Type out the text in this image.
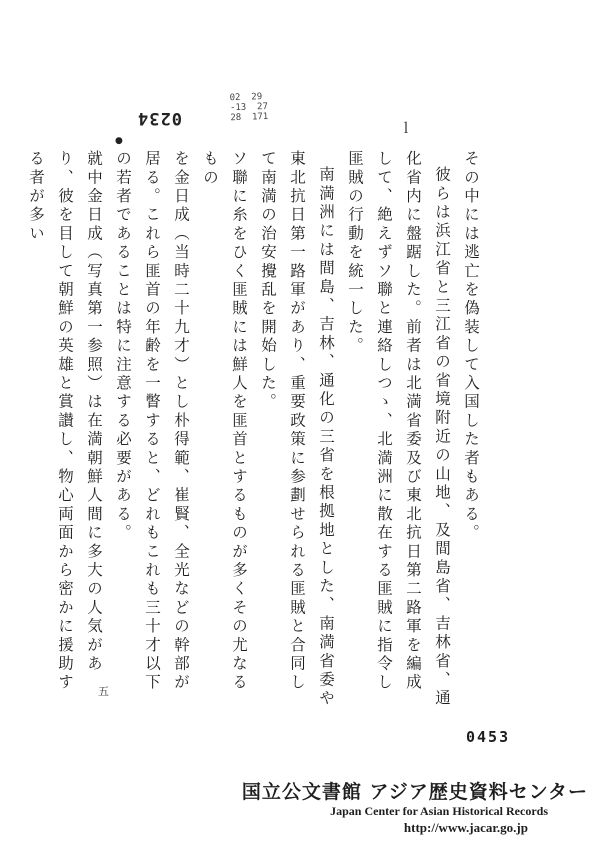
0234
02  29
-13  27
28  171
ｌ
●

その中には逃亡を偽装して入国した者もある。

彼らは浜江省と三江省の省境附近の山地、及間島省、吉林省、通化省内に盤踞した。前者は北満省委及び東北抗日第二路軍を編成して、絶えずソ聯と連絡しつゝ、北満洲に散在する匪賊に指令し匪賊の行動を統一した。

南満洲には間島、吉林、通化の三省を根拠地とした、南満省委や東北抗日第一路軍があり、重要政策に参劃せられる匪賊と合同して南満の治安攪乱を開始した。

ソ聯に糸をひく匪賊には鮮人を匪首とするものが多くその尤なるもの

を金日成（当時二十九才）とし朴得範、崔賢、全光などの幹部が居る。これら匪首の年齢を一瞥すると、どれもこれも三十才以下の若者であることは特に注意する必要がある。

就中金日成（写真第一参照）は在満朝鮮人間に多大の人気があり、彼を目して朝鮮の英雄と賞讃し、物心両面から密かに援助する者が多い

五
0453
国立公文書館 アジア歴史資料センター
Japan Center for Asian Historical Records
http://www.jacar.go.jp
